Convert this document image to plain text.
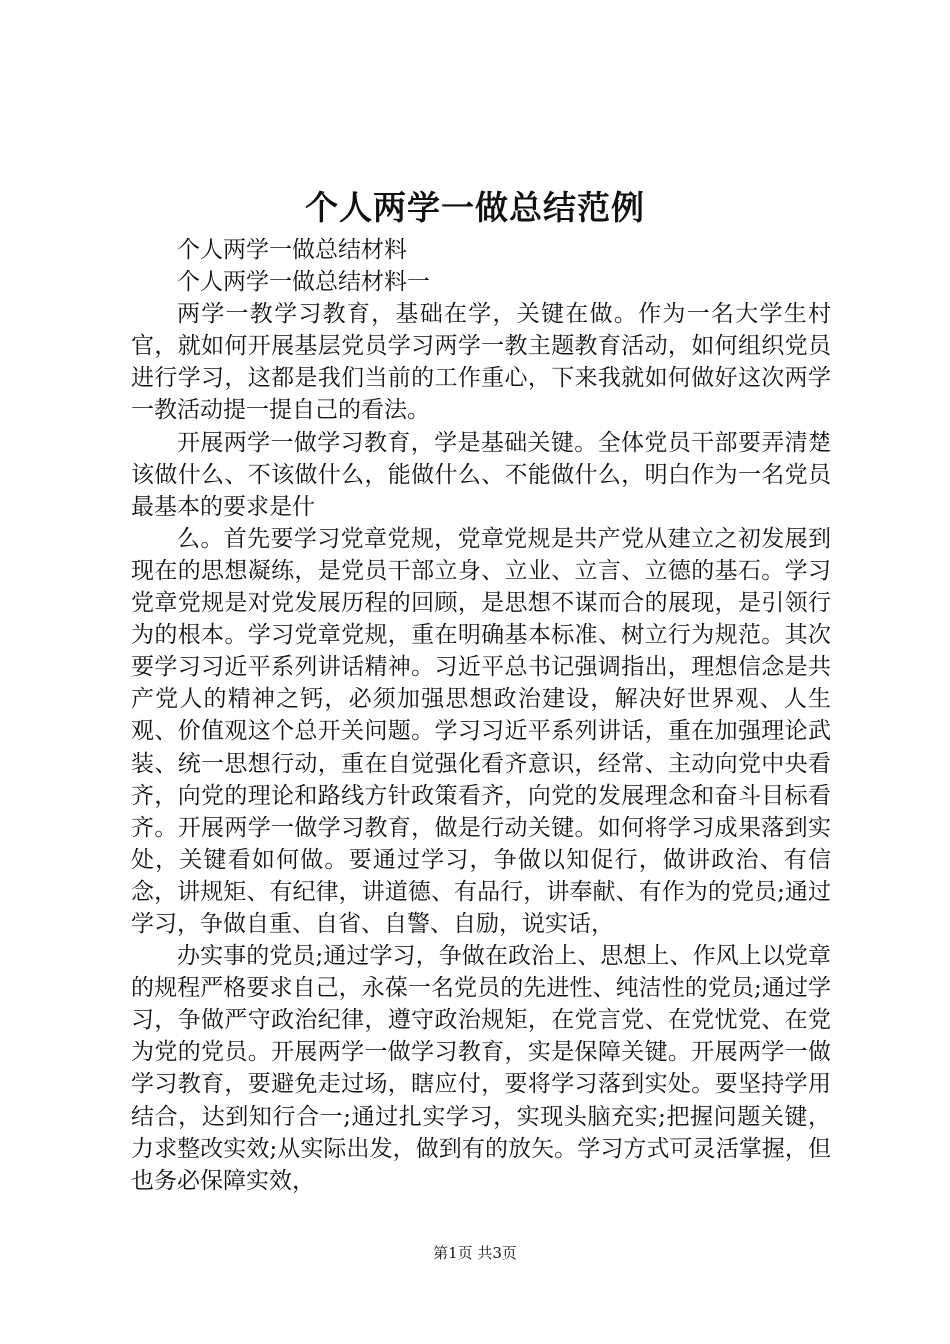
个人两学一做总结范例

个人两学一做总结材料

个人两学一做总结材料一

两学一教学习教育，基础在学，关键在做。作为一名大学生村官，就如何开展基层党员学习两学一教主题教育活动，如何组织党员进行学习，这都是我们当前的工作重心，下来我就如何做好这次两学一教活动提一提自己的看法。

开展两学一做学习教育，学是基础关键。全体党员干部要弄清楚该做什么、不该做什么，能做什么、不能做什么，明白作为一名党员最基本的要求是什

么。首先要学习党章党规，党章党规是共产党从建立之初发展到现在的思想凝练，是党员干部立身、立业、立言、立德的基石。学习党章党规是对党发展历程的回顾，是思想不谋而合的展现，是引领行为的根本。学习党章党规，重在明确基本标准、树立行为规范。其次要学习习近平系列讲话精神。习近平总书记强调指出，理想信念是共产党人的精神之钙，必须加强思想政治建设，解决好世界观、人生观、价值观这个总开关问题。学习习近平系列讲话，重在加强理论武装、统一思想行动，重在自觉强化看齐意识，经常、主动向党中央看齐，向党的理论和路线方针政策看齐，向党的发展理念和奋斗目标看齐。开展两学一做学习教育，做是行动关键。如何将学习成果落到实处，关键看如何做。要通过学习，争做以知促行，做讲政治、有信念，讲规矩、有纪律，讲道德、有品行，讲奉献、有作为的党员;通过学习，争做自重、自省、自警、自励，说实话，

办实事的党员;通过学习，争做在政治上、思想上、作风上以党章的规程严格要求自己，永葆一名党员的先进性、纯洁性的党员;通过学习，争做严守政治纪律，遵守政治规矩，在党言党、在党忧党、在党为党的党员。开展两学一做学习教育，实是保障关键。开展两学一做学习教育，要避免走过场，瞎应付，要将学习落到实处。要坚持学用结合，达到知行合一;通过扎实学习，实现头脑充实;把握问题关键，力求整改实效;从实际出发，做到有的放矢。学习方式可灵活掌握，但也务必保障实效，

第1页 共3页
